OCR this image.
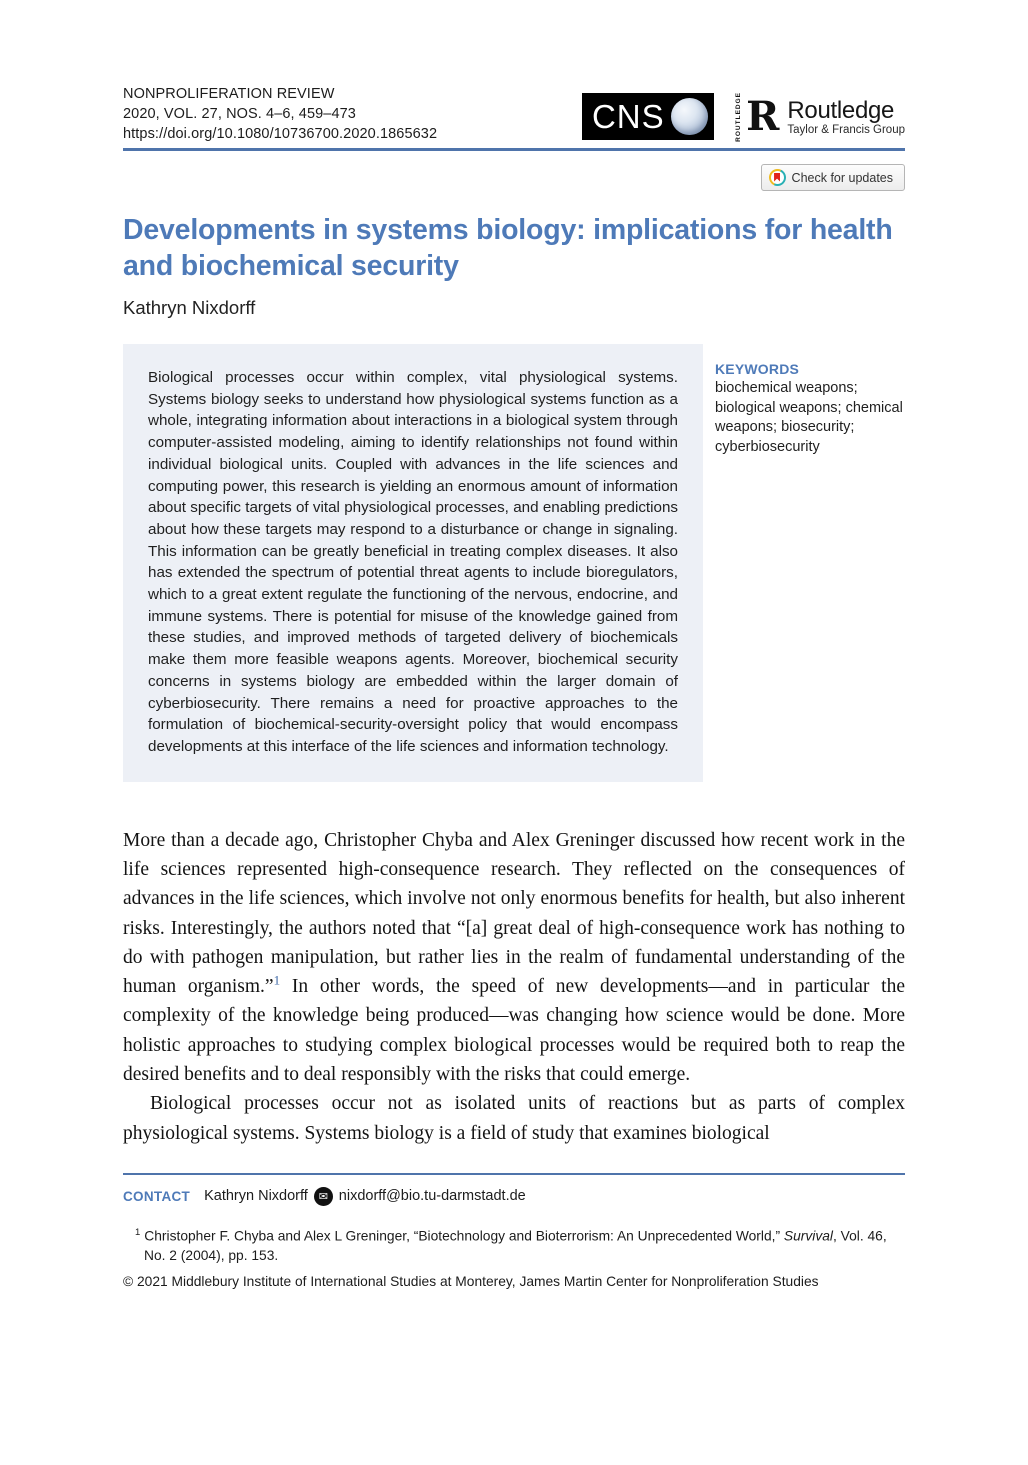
NONPROLIFERATION REVIEW
2020, VOL. 27, NOS. 4–6, 459–473
https://doi.org/10.1080/10736700.2020.1865632	CNS	ROUTLEDGE R Routledge
Taylor & Francis Group
Check for updates
Developments in systems biology: implications for health and biochemical security
Kathryn Nixdorff
Biological processes occur within complex, vital physiological systems. Systems biology seeks to understand how physiological systems function as a whole, integrating information about interactions in a biological system through computer-assisted modeling, aiming to identify relationships not found within individual biological units. Coupled with advances in the life sciences and computing power, this research is yielding an enormous amount of information about specific targets of vital physiological processes, and enabling predictions about how these targets may respond to a disturbance or change in signaling. This information can be greatly beneficial in treating complex diseases. It also has extended the spectrum of potential threat agents to include bioregulators, which to a great extent regulate the functioning of the nervous, endocrine, and immune systems. There is potential for misuse of the knowledge gained from these studies, and improved methods of targeted delivery of biochemicals make them more feasible weapons agents. Moreover, biochemical security concerns in systems biology are embedded within the larger domain of cyberbiosecurity. There remains a need for proactive approaches to the formulation of biochemical-security-oversight policy that would encompass developments at this interface of the life sciences and information technology.
KEYWORDS
biochemical weapons; biological weapons; chemical weapons; biosecurity; cyberbiosecurity

More than a decade ago, Christopher Chyba and Alex Greninger discussed how recent work in the life sciences represented high-consequence research. They reflected on the consequences of advances in the life sciences, which involve not only enormous benefits for health, but also inherent risks. Interestingly, the authors noted that “[a] great deal of high-consequence work has nothing to do with pathogen manipulation, but rather lies in the realm of fundamental understanding of the human organism.”$^1$ In other words, the speed of new developments—and in particular the complexity of the knowledge being produced—was changing how science would be done. More holistic approaches to studying complex biological processes would be required both to reap the desired benefits and to deal responsibly with the risks that could emerge.

Biological processes occur not as isolated units of reactions but as parts of complex physiological systems. Systems biology is a field of study that examines biological

CONTACT Kathryn Nixdorff ✉ nixdorff@bio.tu-darmstadt.de
$^1$ Christopher F. Chyba and Alex L Greninger, “Biotechnology and Bioterrorism: An Unprecedented World,” Survival, Vol. 46, No. 2 (2004), pp. 153.
© 2021 Middlebury Institute of International Studies at Monterey, James Martin Center for Nonproliferation Studies
